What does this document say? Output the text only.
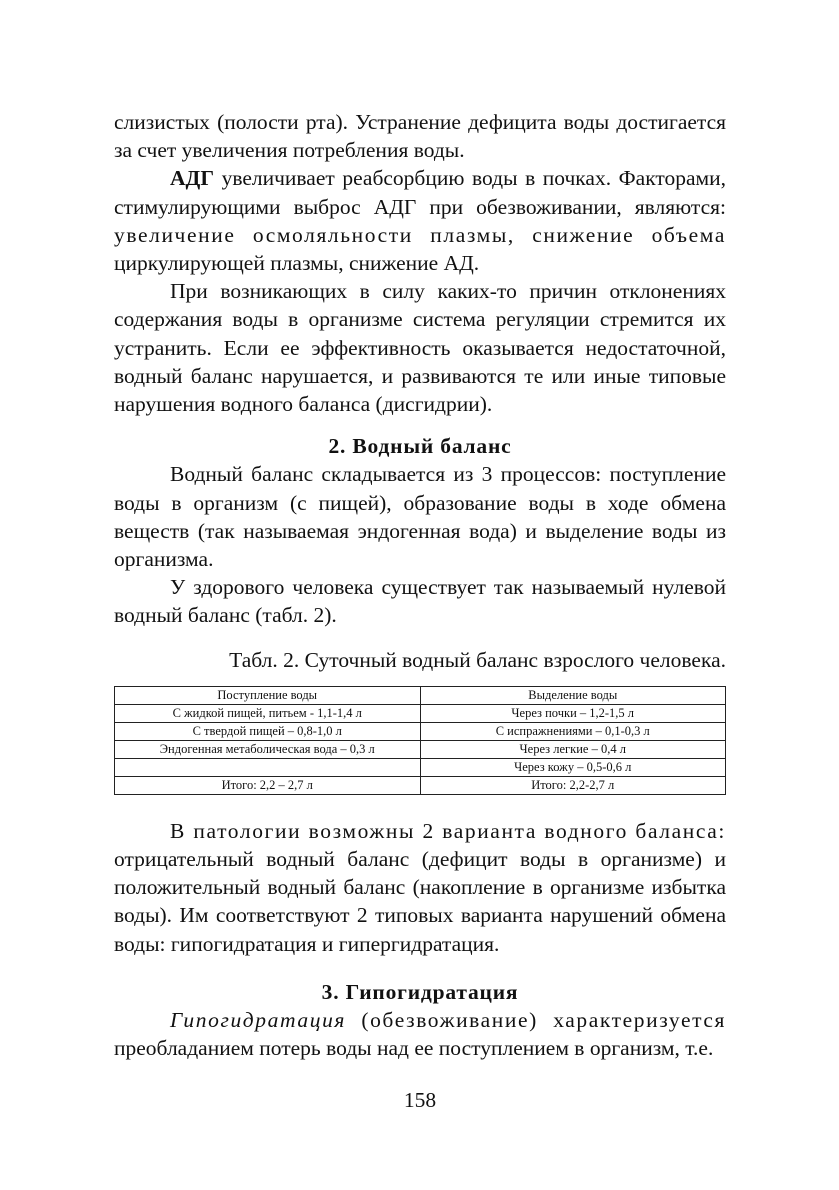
слизистых (полости рта). Устранение дефицита воды достигается за счет увеличения потребления воды.

АДГ увеличивает реабсорбцию воды в почках. Факторами, стимулирующими выброс АДГ при обезвоживании, являются: увеличение осмоляльности плазмы, снижение объема циркулирующей плазмы, снижение АД.

При возникающих в силу каких-то причин отклонениях содержания воды в организме система регуляции стремится их устранить. Если ее эффективность оказывается недостаточной, водный баланс нарушается, и развиваются те или иные типовые нарушения водного баланса (дисгидрии).

2. Водный баланс

Водный баланс складывается из 3 процессов: поступление воды в организм (с пищей), образование воды в ходе обмена веществ (так называемая эндогенная вода) и выделение воды из организма.

У здорового человека существует так называемый нулевой водный баланс (табл. 2).

Табл. 2. Суточный водный баланс взрослого человека.

Поступление воды	Выделение воды
С жидкой пищей, питьем - 1,1-1,4 л	Через почки – 1,2-1,5 л
С твердой пищей – 0,8-1,0 л	С испражнениями – 0,1-0,3 л
Эндогенная метаболическая вода – 0,3 л	Через легкие – 0,4 л
	Через кожу – 0,5-0,6 л
Итого: 2,2 – 2,7 л	Итого: 2,2-2,7 л

В патологии возможны 2 варианта водного баланса: отрицательный водный баланс (дефицит воды в организме) и положительный водный баланс (накопление в организме избытка воды). Им соответствуют 2 типовых варианта нарушений обмена воды: гипогидратация и гипергидратация.

3. Гипогидратация

Гипогидратация (обезвоживание) характеризуется преобладанием потерь воды над ее поступлением в организм, т.е.

158
